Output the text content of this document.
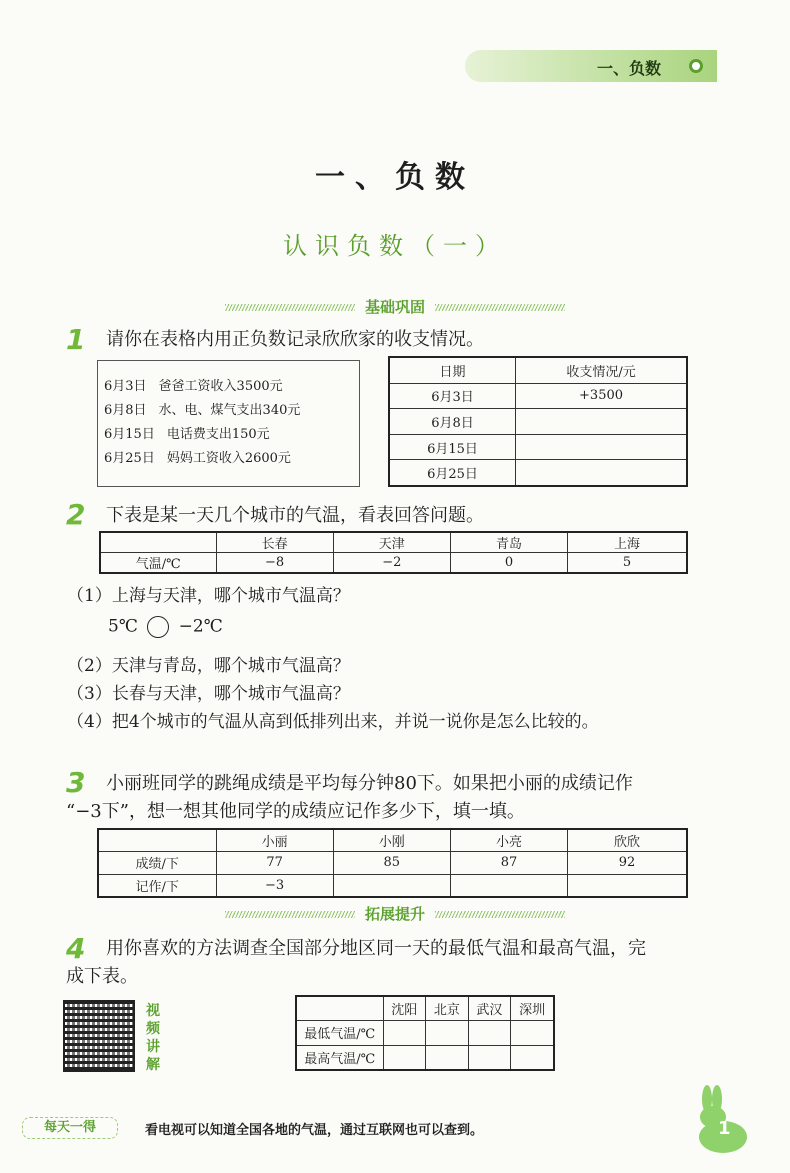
一、负数
一、负数
认识负数（一）
基础巩固
1 请你在表格内用正负数记录欣欣家的收支情况。
6月3日 爸爸工资收入3500元
6月8日 水、电、煤气支出340元
6月15日 电话费支出150元
6月25日 妈妈工资收入2600元
日期	收支情况/元
6月3日	+3500
6月8日	
6月15日	
6月25日	
2 下表是某一天几个城市的气温，看表回答问题。
	长春	天津	青岛	上海
气温/℃	−8	−2	0	5
（1）上海与天津，哪个城市气温高？
5℃ −2℃
（2）天津与青岛，哪个城市气温高？
（3）长春与天津，哪个城市气温高？
（4）把4个城市的气温从高到低排列出来，并说一说你是怎么比较的。
3 小丽班同学的跳绳成绩是平均每分钟80下。如果把小丽的成绩记作
“−3下”，想一想其他同学的成绩应记作多少下，填一填。
	小丽	小刚	小亮	欣欣
成绩/下	77	85	87	92
记作/下	−3			
拓展提升
4 用你喜欢的方法调查全国部分地区同一天的最低气温和最高气温，完
成下表。
视频讲解
	沈阳	北京	武汉	深圳
最低气温/℃				
最高气温/℃				
每天一得	看电视可以知道全国各地的气温，通过互联网也可以查到。	1
